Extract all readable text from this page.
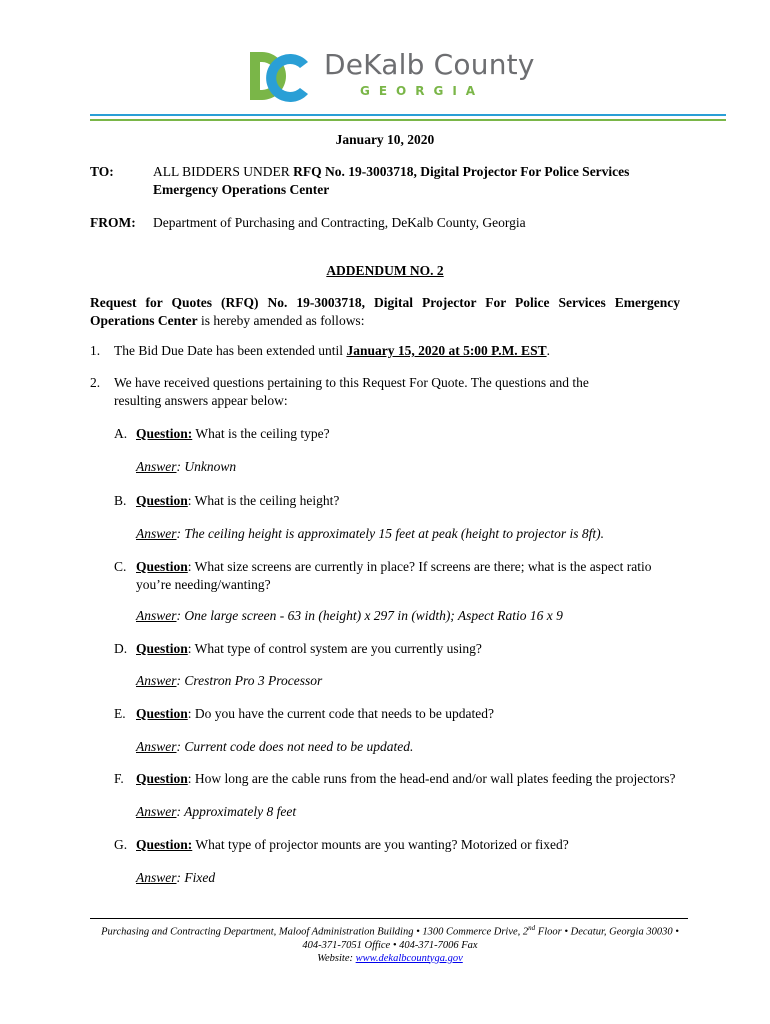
DeKalb County
GEORGIA
January 10, 2020
TO:	ALL BIDDERS UNDER RFQ No. 19-3003718, Digital Projector For Police Services
Emergency Operations Center
FROM: Department of Purchasing and Contracting, DeKalb County, Georgia
ADDENDUM NO. 2
Request for Quotes (RFQ) No. 19-3003718, Digital Projector For Police Services Emergency
Operations Center is hereby amended as follows:
1. The Bid Due Date has been extended until January 15, 2020 at 5:00 P.M. EST.
2. We have received questions pertaining to this Request For Quote. The questions and the
resulting answers appear below:
A. Question: What is the ceiling type?
Answer: Unknown
B. Question: What is the ceiling height?
Answer: The ceiling height is approximately 15 feet at peak (height to projector is 8ft).
C. Question: What size screens are currently in place? If screens are there; what is the aspect ratio
you’re needing/wanting?
Answer: One large screen - 63 in (height) x 297 in (width); Aspect Ratio 16 x 9
D. Question: What type of control system are you currently using?
Answer: Crestron Pro 3 Processor
E. Question: Do you have the current code that needs to be updated?
Answer: Current code does not need to be updated.
F. Question: How long are the cable runs from the head-end and/or wall plates feeding the projectors?
Answer: Approximately 8 feet
G. Question: What type of projector mounts are you wanting? Motorized or fixed?
Answer: Fixed
Purchasing and Contracting Department, Maloof Administration Building • 1300 Commerce Drive, 2nd Floor • Decatur, Georgia 30030 •
404-371-7051 Office • 404-371-7006 Fax
Website: www.dekalbcountyga.gov
